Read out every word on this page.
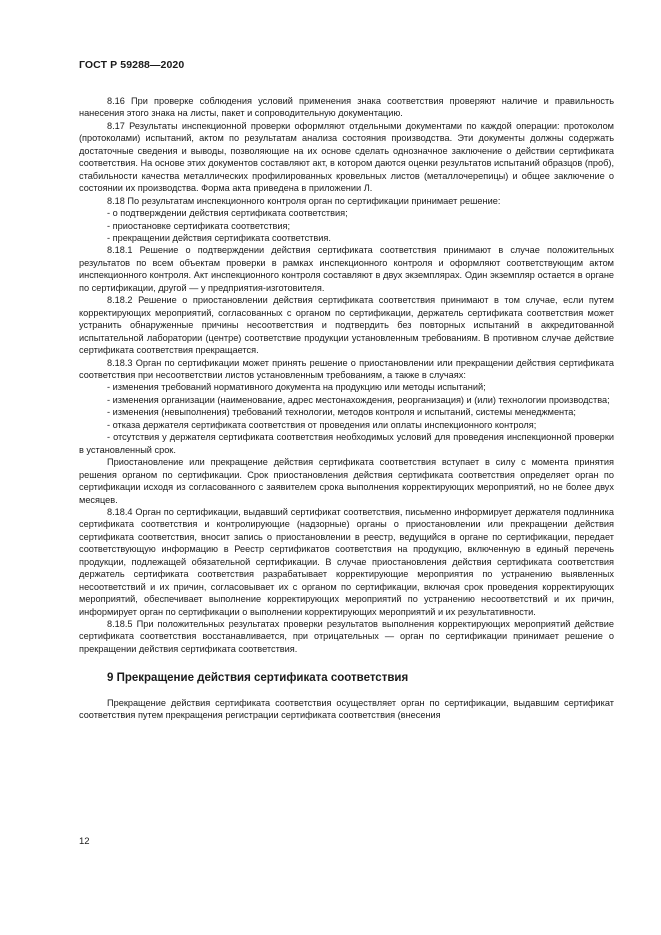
ГОСТ Р 59288—2020

8.16 При проверке соблюдения условий применения знака соответствия проверяют наличие и правильность нанесения этого знака на листы, пакет и сопроводительную документацию.

8.17 Результаты инспекционной проверки оформляют отдельными документами по каждой операции: протоколом (протоколами) испытаний, актом по результатам анализа состояния производства. Эти документы должны содержать достаточные сведения и выводы, позволяющие на их основе сделать однозначное заключение о действии сертификата соответствия. На основе этих документов составляют акт, в котором даются оценки результатов испытаний образцов (проб), стабильности качества металлических профилированных кровельных листов (металлочерепицы) и общее заключение о состоянии их производства. Форма акта приведена в приложении Л.

8.18 По результатам инспекционного контроля орган по сертификации принимает решение:

- о подтверждении действия сертификата соответствия;

- приостановке сертификата соответствия;

- прекращении действия сертификата соответствия.

8.18.1 Решение о подтверждении действия сертификата соответствия принимают в случае положительных результатов по всем объектам проверки в рамках инспекционного контроля и оформляют соответствующим актом инспекционного контроля. Акт инспекционного контроля составляют в двух экземплярах. Один экземпляр остается в органе по сертификации, другой — у предприятия-изготовителя.

8.18.2 Решение о приостановлении действия сертификата соответствия принимают в том случае, если путем корректирующих мероприятий, согласованных с органом по сертификации, держатель сертификата соответствия может устранить обнаруженные причины несоответствия и подтвердить без повторных испытаний в аккредитованной испытательной лаборатории (центре) соответствие продукции установленным требованиям. В противном случае действие сертификата соответствия прекращается.

8.18.3 Орган по сертификации может принять решение о приостановлении или прекращении действия сертификата соответствия при несоответствии листов установленным требованиям, а также в случаях:

- изменения требований нормативного документа на продукцию или методы испытаний;

- изменения организации (наименование, адрес местонахождения, реорганизация) и (или) технологии производства;

- изменения (невыполнения) требований технологии, методов контроля и испытаний, системы менеджмента;

- отказа держателя сертификата соответствия от проведения или оплаты инспекционного контроля;

- отсутствия у держателя сертификата соответствия необходимых условий для проведения инспекционной проверки в установленный срок.

Приостановление или прекращение действия сертификата соответствия вступает в силу с момента принятия решения органом по сертификации. Срок приостановления действия сертификата соответствия определяет орган по сертификации исходя из согласованного с заявителем срока выполнения корректирующих мероприятий, но не более двух месяцев.

8.18.4 Орган по сертификации, выдавший сертификат соответствия, письменно информирует держателя подлинника сертификата соответствия и контролирующие (надзорные) органы о приостановлении или прекращении действия сертификата соответствия, вносит запись о приостановлении в реестр, ведущийся в органе по сертификации, передает соответствующую информацию в Реестр сертификатов соответствия на продукцию, включенную в единый перечень продукции, подлежащей обязательной сертификации. В случае приостановления действия сертификата соответствия держатель сертификата соответствия разрабатывает корректирующие мероприятия по устранению выявленных несоответствий и их причин, согласовывает их с органом по сертификации, включая срок проведения корректирующих мероприятий, обеспечивает выполнение корректирующих мероприятий по устранению несоответствий и их причин, информирует орган по сертификации о выполнении корректирующих мероприятий и их результативности.

8.18.5 При положительных результатах проверки результатов выполнения корректирующих мероприятий действие сертификата соответствия восстанавливается, при отрицательных — орган по сертификации принимает решение о прекращении действия сертификата соответствия.

9 Прекращение действия сертификата соответствия

Прекращение действия сертификата соответствия осуществляет орган по сертификации, выдавшим сертификат соответствия путем прекращения регистрации сертификата соответствия (внесения

12
